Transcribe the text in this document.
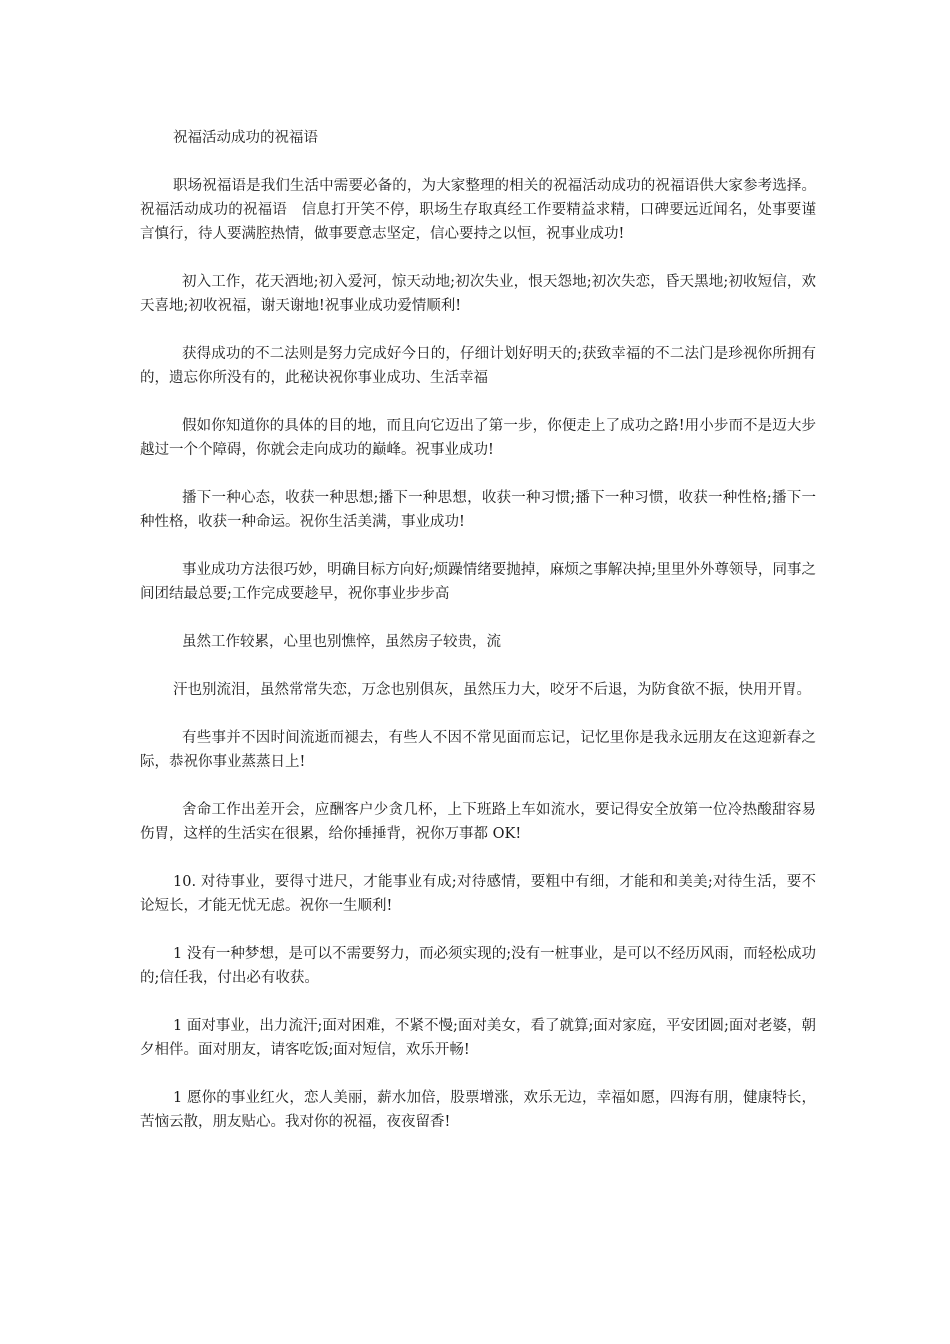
祝福活动成功的祝福语

职场祝福语是我们生活中需要必备的，为大家整理的相关的祝福活动成功的祝福语供大家参考选择。祝福活动成功的祝福语　信息打开笑不停，职场生存取真经工作要精益求精，口碑要远近闻名，处事要谨言慎行，待人要满腔热情，做事要意志坚定，信心要持之以恒，祝事业成功!

初入工作，花天酒地;初入爱河，惊天动地;初次失业，恨天怨地;初次失恋，昏天黑地;初收短信，欢天喜地;初收祝福，谢天谢地!祝事业成功爱情顺利!

获得成功的不二法则是努力完成好今日的，仔细计划好明天的;获致幸福的不二法门是珍视你所拥有的，遗忘你所没有的，此秘诀祝你事业成功、生活幸福

假如你知道你的具体的目的地，而且向它迈出了第一步，你便走上了成功之路!用小步而不是迈大步越过一个个障碍，你就会走向成功的巅峰。祝事业成功!

播下一种心态，收获一种思想;播下一种思想，收获一种习惯;播下一种习惯，收获一种性格;播下一种性格，收获一种命运。祝你生活美满，事业成功!

事业成功方法很巧妙，明确目标方向好;烦躁情绪要抛掉，麻烦之事解决掉;里里外外尊领导，同事之间团结最总要;工作完成要趁早，祝你事业步步高

虽然工作较累，心里也别憔悴，虽然房子较贵，流

汗也别流泪，虽然常常失恋，万念也别俱灰，虽然压力大，咬牙不后退，为防食欲不振，快用开胃。

有些事并不因时间流逝而褪去，有些人不因不常见面而忘记，记忆里你是我永远朋友在这迎新春之际，恭祝你事业蒸蒸日上!

舍命工作出差开会，应酬客户少贪几杯，上下班路上车如流水，要记得安全放第一位冷热酸甜容易伤胃，这样的生活实在很累，给你捶捶背，祝你万事都 OK!

10. 对待事业，要得寸进尺，才能事业有成;对待感情，要粗中有细，才能和和美美;对待生活，要不论短长，才能无忧无虑。祝你一生顺利!

1 没有一种梦想，是可以不需要努力，而必须实现的;没有一桩事业，是可以不经历风雨，而轻松成功的;信任我，付出必有收获。

1 面对事业，出力流汗;面对困难，不紧不慢;面对美女，看了就算;面对家庭，平安团圆;面对老婆，朝夕相伴。面对朋友，请客吃饭;面对短信，欢乐开畅!

1 愿你的事业红火，恋人美丽，薪水加倍，股票增涨，欢乐无边，幸福如愿，四海有朋，健康特长，苦恼云散，朋友贴心。我对你的祝福，夜夜留香!
